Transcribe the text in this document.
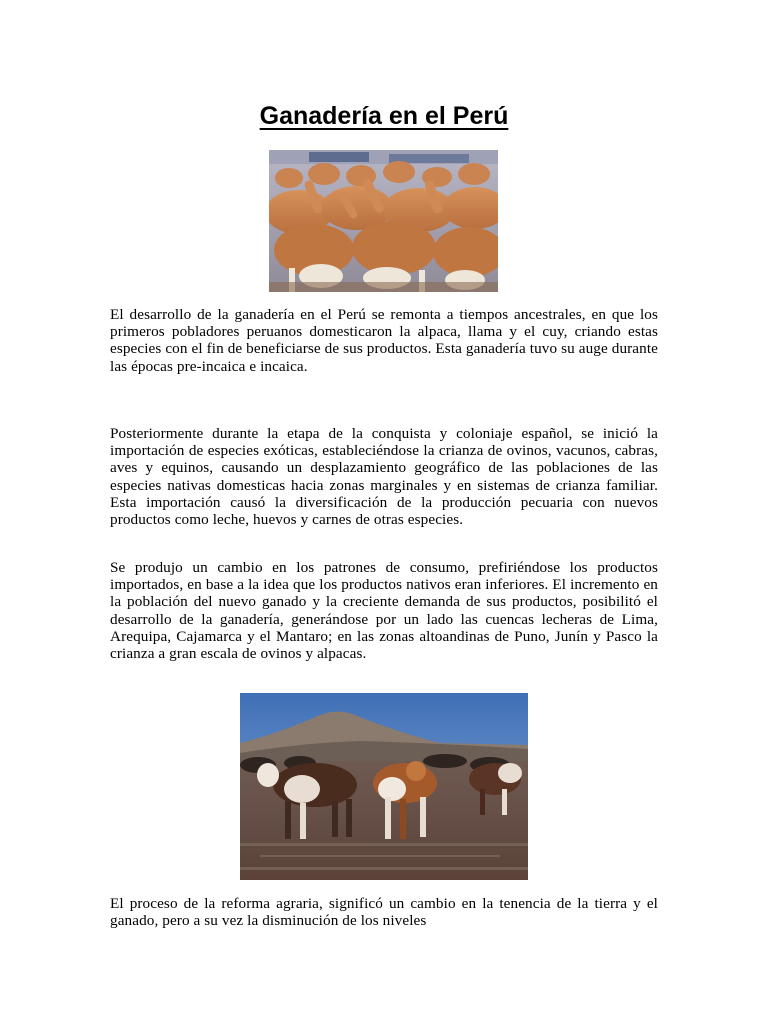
Ganadería en el Perú

El desarrollo de la ganadería en el Perú se remonta a tiempos ancestrales, en que los primeros pobladores peruanos domesticaron la alpaca, llama y el cuy, criando estas especies con el fin de beneficiarse de sus productos. Esta ganadería tuvo su auge durante las épocas pre-incaica e incaica.

Posteriormente durante la etapa de la conquista y coloniaje español, se inició la importación de especies exóticas, estableciéndose la crianza de ovinos, vacunos, cabras, aves y equinos, causando un desplazamiento geográfico de las poblaciones de las especies nativas domesticas hacia zonas marginales y en sistemas de crianza familiar. Esta importación causó la diversificación de la producción pecuaria con nuevos productos como leche, huevos y carnes de otras especies.

Se produjo un cambio en los patrones de consumo, prefiriéndose los productos importados, en base a la idea que los productos nativos eran inferiores. El incremento en la población del nuevo ganado y la creciente demanda de sus productos, posibilitó el desarrollo de la ganadería, generándose por un lado las cuencas lecheras de Lima, Arequipa, Cajamarca y el Mantaro; en las zonas altoandinas de Puno, Junín y Pasco la crianza a gran escala de ovinos y alpacas.

El proceso de la reforma agraria, significó un cambio en la tenencia de la tierra y el ganado, pero a su vez la disminución de los niveles
